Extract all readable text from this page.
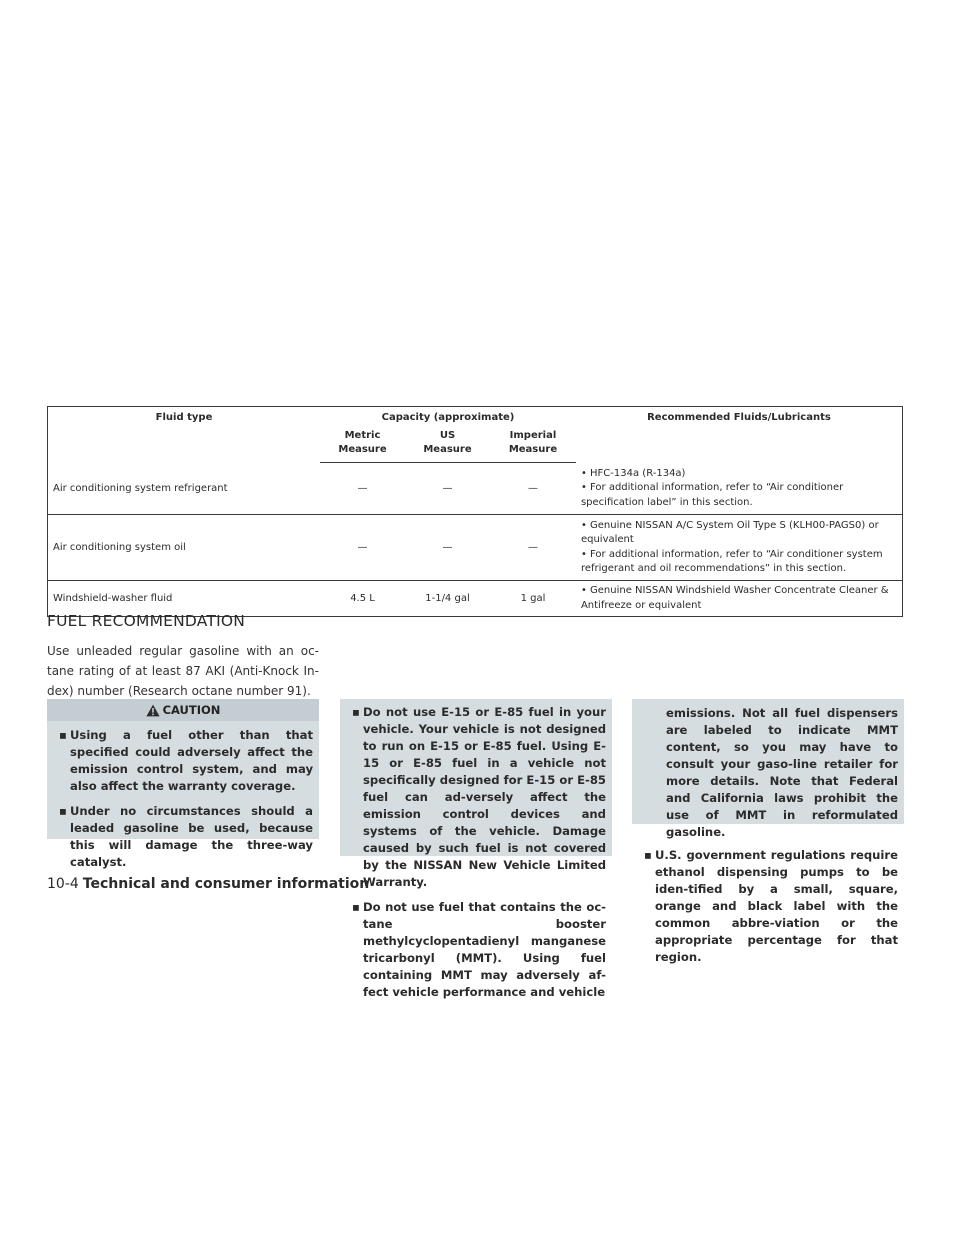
Fluid type	Capacity (approximate)			Recommended Fluids/Lubricants
	Metric Measure	US Measure	Imperial Measure	
Air conditioning system refrigerant	—	—	—	• HFC-134a (R-134a)
• For additional information, refer to “Air conditioner specification label” in this section.

Air conditioning system oil	—	—	—	• Genuine NISSAN A/C System Oil Type S (KLH00-PAGS0) or equivalent
• For additional information, refer to “Air conditioner system refrigerant and oil recommendations” in this section.

Windshield-washer fluid	4.5 L	1-1/4 gal	1 gal	• Genuine NISSAN Windshield Washer Concentrate Cleaner & Antifreeze or equivalent
FUEL RECOMMENDATION

Use unleaded regular gasoline with an oc-tane rating of at least 87 AKI (Anti-Knock In-dex) number (Research octane number 91).

CAUTION
▪ Using a fuel other than that specified could adversely affect the emission control system, and may also affect the warranty coverage.
▪ Under no circumstances should a leaded gasoline be used, because this will damage the three-way catalyst.
▪ Do not use E-15 or E-85 fuel in your vehicle. Your vehicle is not designed to run on E-15 or E-85 fuel. Using E-15 or E-85 fuel in a vehicle not specifically designed for E-15 or E-85 fuel can ad-versely affect the emission control devices and systems of the vehicle. Damage caused by such fuel is not covered by the NISSAN New Vehicle Limited Warranty.
▪ Do not use fuel that contains the oc-tane booster methylcyclopentadienyl manganese tricarbonyl (MMT). Using fuel containing MMT may adversely af-fect vehicle performance and vehicle

emissions. Not all fuel dispensers are labeled to indicate MMT content, so you may have to consult your gaso-line retailer for more details. Note that Federal and California laws prohibit the use of MMT in reformulated gasoline.

▪ U.S. government regulations require ethanol dispensing pumps to be iden-tified by a small, square, orange and black label with the common abbre-viation or the appropriate percentage for that region.
10-4 Technical and consumer information
